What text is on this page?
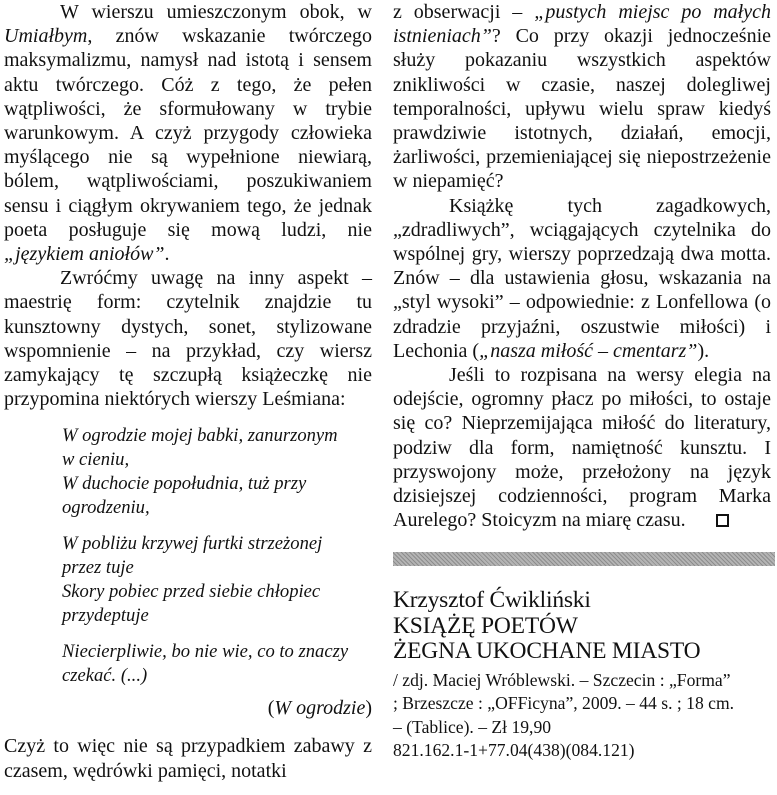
W wierszu umieszczonym obok, w Umiałbym, znów wskazanie twórczego maksymalizmu, namysł nad istotą i sensem aktu twórczego. Cóż z tego, że pełen wątpliwości, że sformułowany w trybie warunkowym. A czyż przygody człowieka myślącego nie są wypełnione niewiarą, bólem, wątpliwościami, poszukiwaniem sensu i ciągłym okrywaniem tego, że jednak poeta posługuje się mową ludzi, nie „językiem aniołów”.

Zwróćmy uwagę na inny aspekt – maestrię form: czytelnik znajdzie tu kunsztowny dystych, sonet, stylizowane wspomnienie – na przykład, czy wiersz zamykający tę szczupłą książeczkę nie przypomina niektórych wierszy Leśmiana:

W ogrodzie mojej babki, zanurzonym
w cieniu,
W duchocie popołudnia, tuż przy
ogrodzeniu,
W pobliżu krzywej furtki strzeżonej
przez tuje
Skory pobiec przed siebie chłopiec
przydeptuje
Niecierpliwie, bo nie wie, co to znaczy
czekać. (...)

(W ogrodzie)

Czyż to więc nie są przypadkiem zabawy z czasem, wędrówki pamięci, notatki

z obserwacji – „pustych miejsc po małych istnieniach”? Co przy okazji jednocześnie służy pokazaniu wszystkich aspektów znikliwości w czasie, naszej dolegliwej temporalności, upływu wielu spraw kiedyś prawdziwie istotnych, działań, emocji, żarliwości, przemieniającej się niepostrzeżenie w niepamięć?

Książkę tych zagadkowych, „zdradliwych”, wciągających czytelnika do wspólnej gry, wierszy poprzedzają dwa motta. Znów – dla ustawienia głosu, wskazania na „styl wysoki” – odpowiednie: z Lonfellowa (o zdradzie przyjaźni, oszustwie miłości) i Lechonia („nasza miłość – cmentarz”).

Jeśli to rozpisana na wersy elegia na odejście, ogromny płacz po miłości, to ostaje się co? Nieprzemijająca miłość do literatury, podziw dla form, namiętność kunsztu. I przyswojony może, przełożony na język dzisiejszej codzienności, program Marka Aurelego? Stoicyzm na miarę czasu.

Krzysztof Ćwikliński

KSIĄŻĘ POETÓW

ŻEGNA UKOCHANE MIASTO

/ zdj. Maciej Wróblewski. – Szczecin : „Forma”
; Brzeszcze : „OFFicyna”, 2009. – 44 s. ; 18 cm.
– (Tablice). – Zł 19,90
821.162.1-1+77.04(438)(084.121)
